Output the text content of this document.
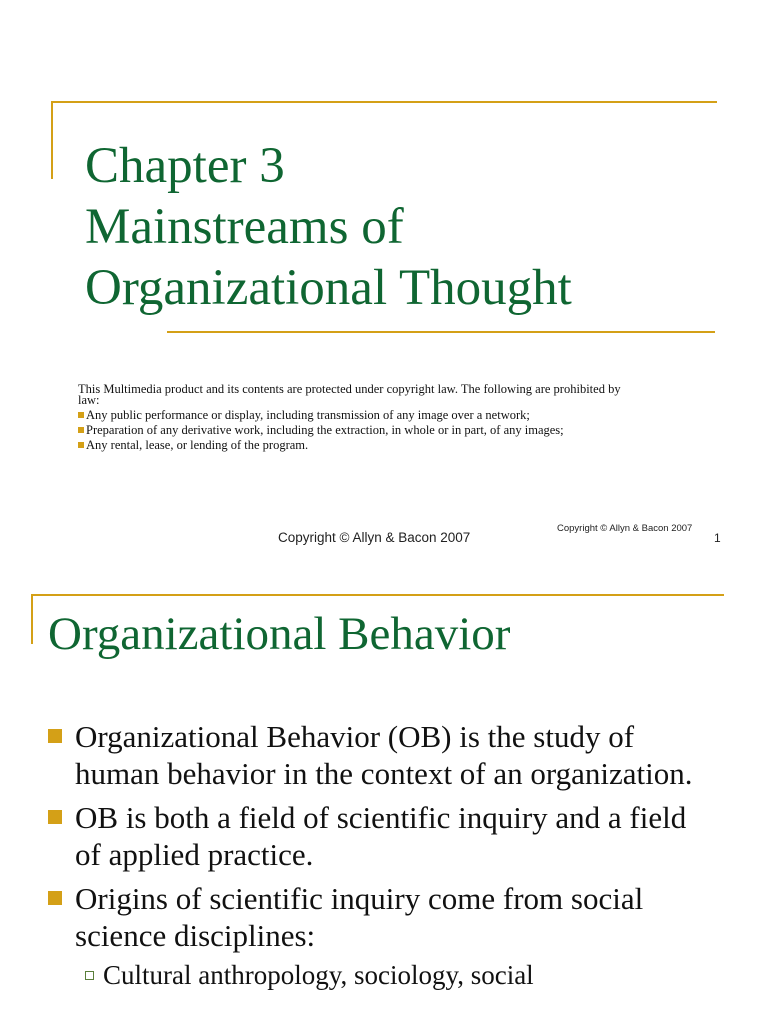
Chapter 3
Mainstreams of
Organizational Thought

This Multimedia product and its contents are protected under copyright law. The following are prohibited by law:

Any public performance or display, including transmission of any image over a network;

Preparation of any derivative work, including the extraction, in whole or in part, of any images;

Any rental, lease, or lending of the program.

Copyright © Allyn & Bacon 2007
Copyright © Allyn & Bacon 2007
1
Organizational Behavior
Organizational Behavior (OB) is the study of human behavior in the context of an organization.
OB is both a field of scientific inquiry and a field of applied practice.
Origins of scientific inquiry come from social science disciplines:
Cultural anthropology, sociology, social
